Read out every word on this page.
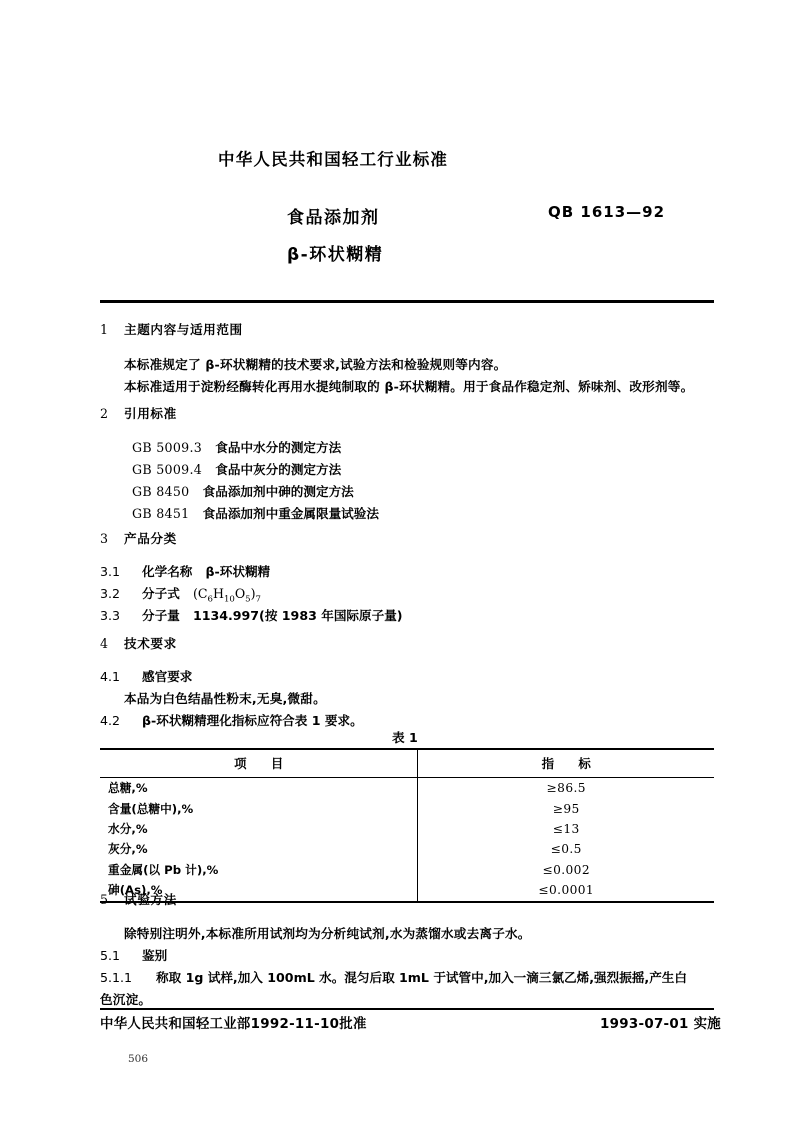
中华人民共和国轻工行业标准
食品添加剂
β-环状糊精
QB 1613—92
1 主题内容与适用范围
本标准规定了 β-环状糊精的技术要求,试验方法和检验规则等内容。
本标准适用于淀粉经酶转化再用水提纯制取的 β-环状糊精。用于食品作稳定剂、矫味剂、改形剂等。
2 引用标准
GB 5009.3 食品中水分的测定方法
GB 5009.4 食品中灰分的测定方法
GB 8450 食品添加剂中砷的测定方法
GB 8451 食品添加剂中重金属限量试验法
3 产品分类
3.1 化学名称 β-环状糊精
3.2 分子式 $(C_6H_{10}O_5)_7$
3.3 分子量 1134.997(按 1983 年国际原子量)
4 技术要求
4.1 感官要求
本品为白色结晶性粉末,无臭,微甜。
4.2 β-环状糊精理化指标应符合表 1 要求。
表 1
项 目	指 标
总糖,%	≥86.5
含量(总糖中),%	≥95
水分,%	≤13
灰分,%	≤0.5
重金属(以 Pb 计),%	≤0.002
砷(As),%	≤0.0001
5 试验方法
除特别注明外,本标准所用试剂均为分析纯试剂,水为蒸馏水或去离子水。
5.1 鉴别
5.1.1 称取 1g 试样,加入 100mL 水。混匀后取 1mL 于试管中,加入一滴三氯乙烯,强烈振摇,产生白
色沉淀。
中华人民共和国轻工业部1992-11-10批准	1993-07-01 实施
506
